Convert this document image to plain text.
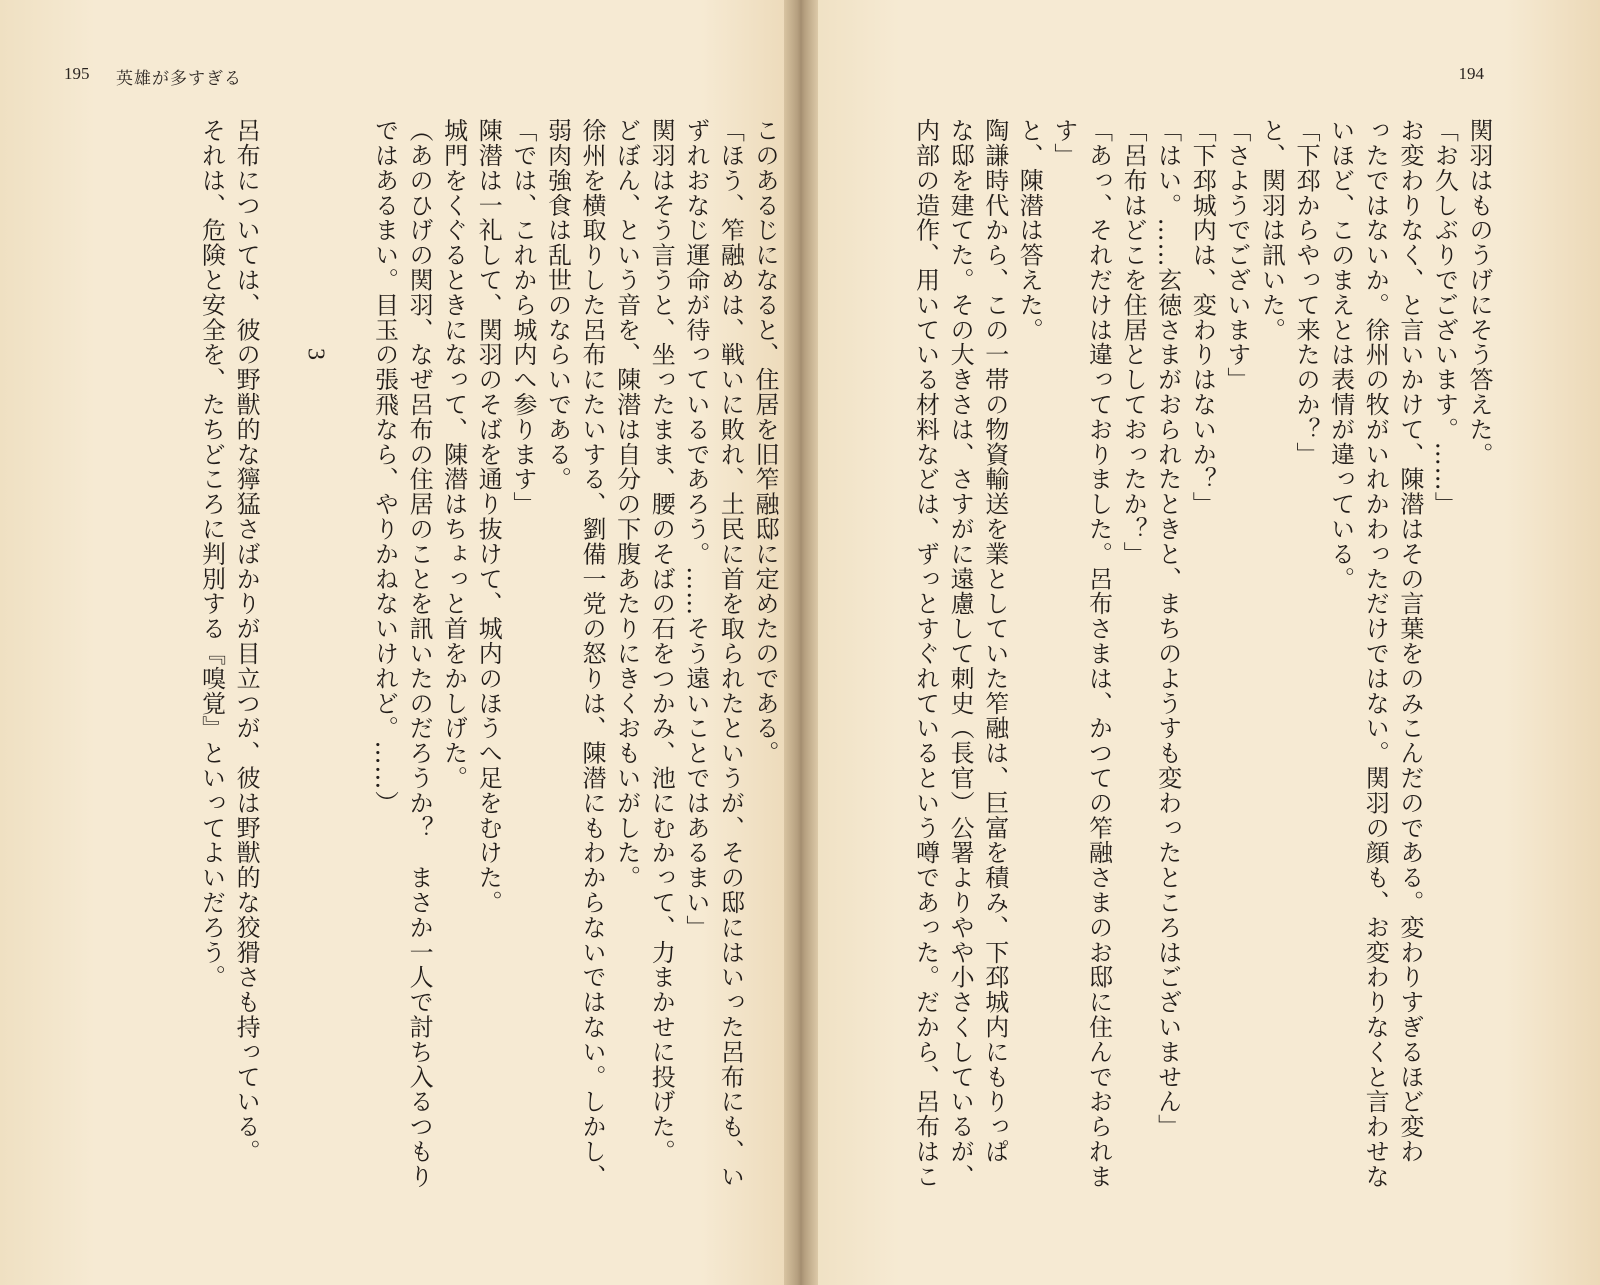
195 英雄が多すぎる
このあるじになると、住居を旧笮融邸に定めたのである。
「ほう、笮融めは、戦いに敗れ、土民に首を取られたというが、その邸にはいった呂布にも、い
ずれおなじ運命が待っているであろう。……そう遠いことではあるまい」
関羽はそう言うと、坐ったまま、腰のそばの石をつかみ、池にむかって、力まかせに投げた。
どぼん、という音を、陳潜は自分の下腹あたりにきくおもいがした。
徐州を横取りした呂布にたいする、劉備一党の怒りは、陳潜にもわからないではない。しかし、
弱肉強食は乱世のならいである。
「では、これから城内へ参ります」
陳潜は一礼して、関羽のそばを通り抜けて、城内のほうへ足をむけた。
城門をくぐるときになって、陳潜はちょっと首をかしげた。
（あのひげの関羽、なぜ呂布の住居のことを訊いたのだろうか？　まさか一人で討ち入るつもり
ではあるまい。目玉の張飛なら、やりかねないけれど。……）

3

呂布については、彼の野獣的な獰猛さばかりが目立つが、彼は野獣的な狡猾さも持っている。
それは、危険と安全を、たちどころに判別する『嗅覚』といってよいだろう。
194
関羽はものうげにそう答えた。
「お久しぶりでございます。……」
お変わりなく、と言いかけて、陳潜はその言葉をのみこんだのである。変わりすぎるほど変わ
ったではないか。徐州の牧がいれかわっただけではない。関羽の顔も、お変わりなくと言わせな
いほど、このまえとは表情が違っている。
「下邳からやって来たのか？」
と、関羽は訊いた。
「さようでございます」
「下邳城内は、変わりはないか？」
「はい。……玄徳さまがおられたときと、まちのようすも変わったところはございません」
「呂布はどこを住居としておったか？」
「あっ、それだけは違っておりました。呂布さまは、かつての笮融さまのお邸に住んでおられま
す」
と、陳潜は答えた。
陶謙時代から、この一帯の物資輸送を業としていた笮融は、巨富を積み、下邳城内にもりっぱ
な邸を建てた。その大きさは、さすがに遠慮して刺史（長官）公署よりやや小さくしているが、
内部の造作、用いている材料などは、ずっとすぐれているという噂であった。だから、呂布はこ
